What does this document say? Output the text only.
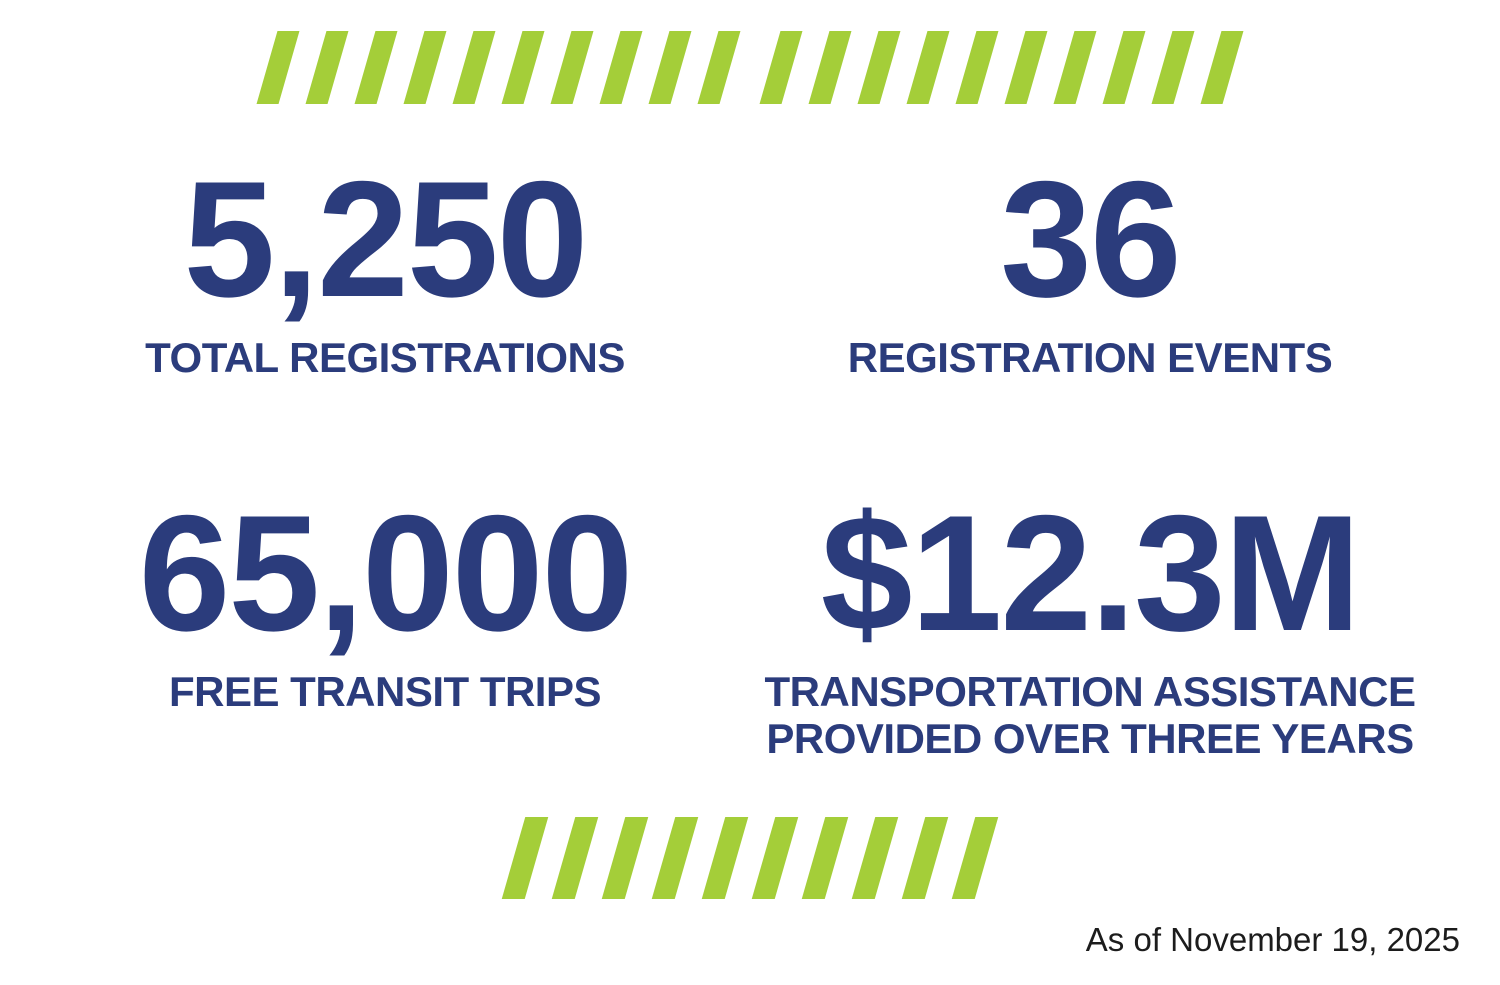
5,250
TOTAL REGISTRATIONS
36
REGISTRATION EVENTS
65,000
FREE TRANSIT TRIPS
$12.3M
TRANSPORTATION ASSISTANCE PROVIDED OVER THREE YEARS
As of November 19, 2025
